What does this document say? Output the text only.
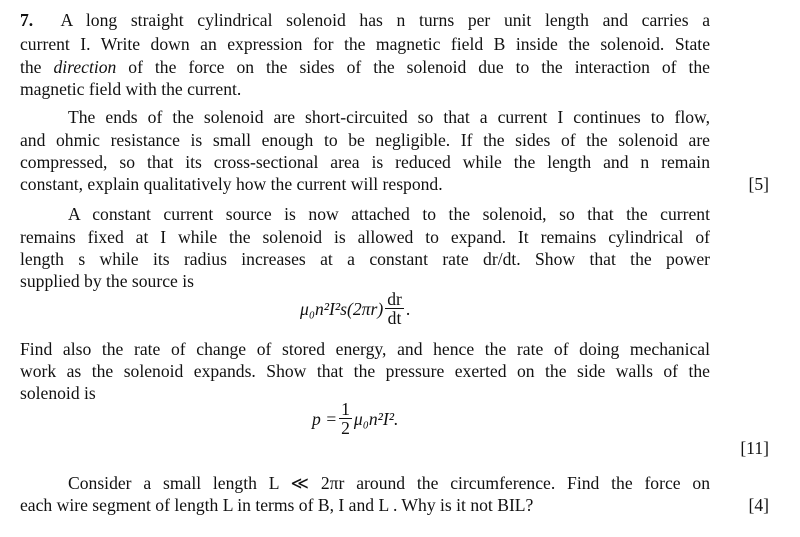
7. A long straight cylindrical solenoid has n turns per unit length and carries a
current I. Write down an expression for the magnetic field B inside the solenoid. State
the direction of the force on the sides of the solenoid due to the interaction of the
magnetic field with the current.
The ends of the solenoid are short-circuited so that a current I continues to flow,
and ohmic resistance is small enough to be negligible. If the sides of the solenoid are
compressed, so that its cross-sectional area is reduced while the length and n remain
constant, explain qualitatively how the current will respond.	[5]
A constant current source is now attached to the solenoid, so that the current
remains fixed at I while the solenoid is allowed to expand. It remains cylindrical of
length s while its radius increases at a constant rate dr/dt. Show that the power
supplied by the source is
$\mu_0n^2I^2s(2\pi r) \frac{dr}{dt}$ .
Find also the rate of change of stored energy, and hence the rate of doing mechanical
work as the solenoid expands. Show that the pressure exerted on the side walls of the
solenoid is
$p = \frac{1}{2} \mu_0n^2I^2$.
[11]
Consider a small length L ≪ 2πr around the circumference. Find the force on
each wire segment of length L in terms of B, I and L . Why is it not BIL?	[4]
